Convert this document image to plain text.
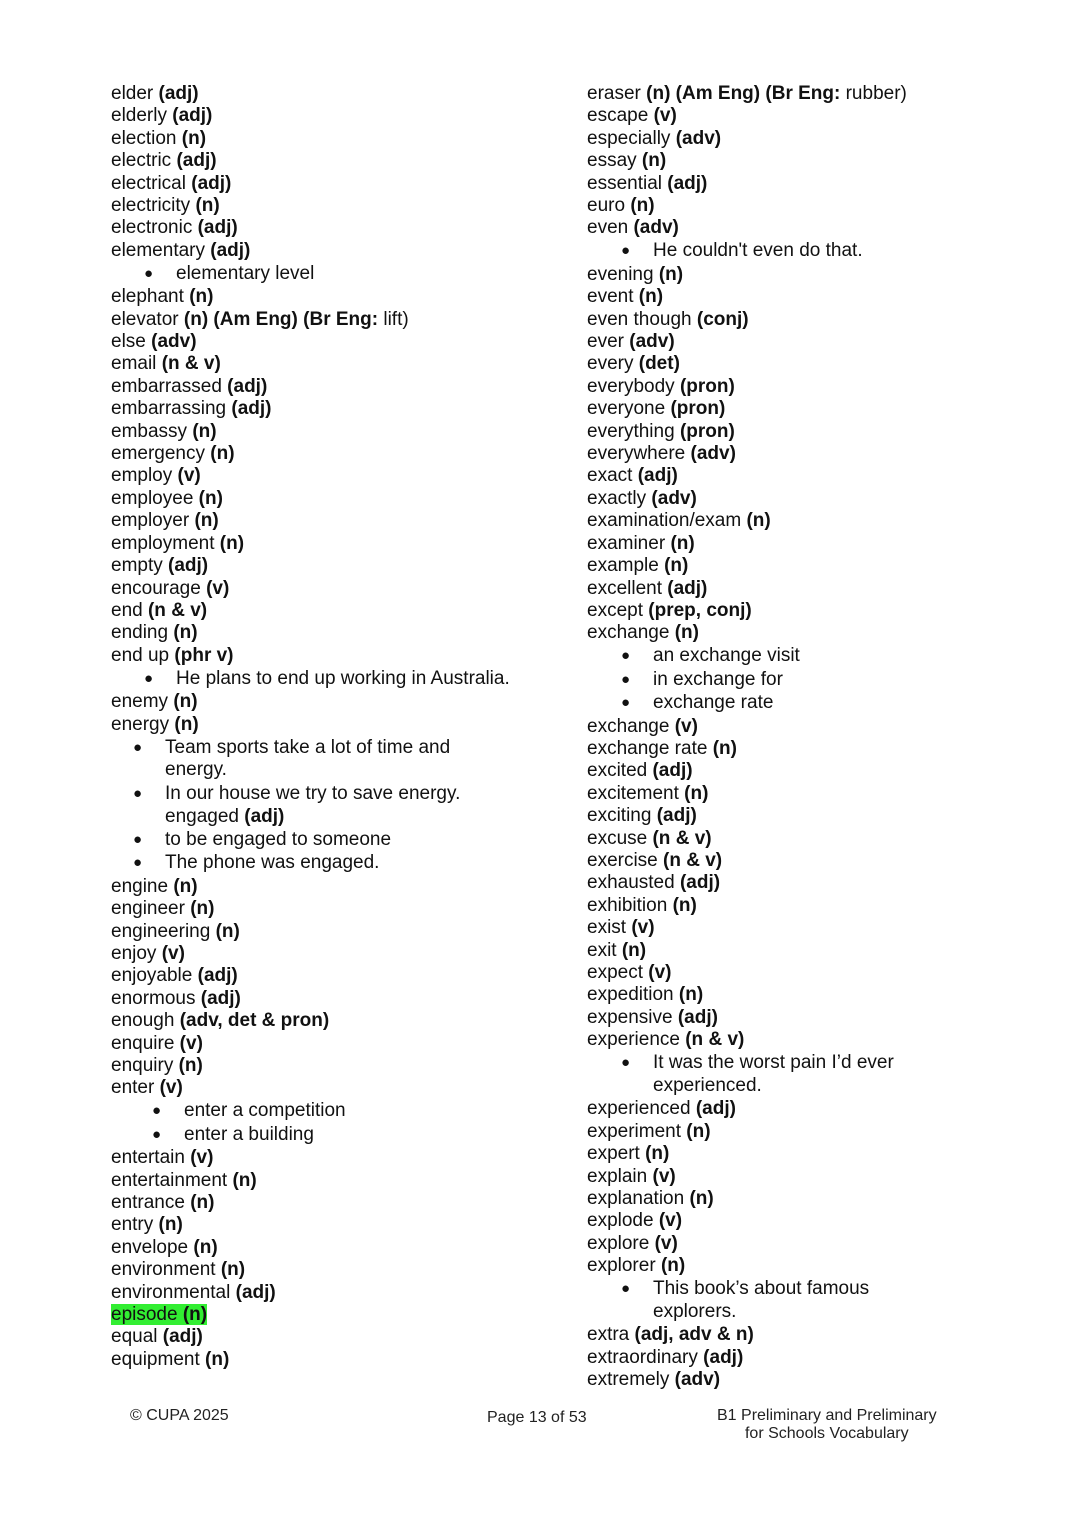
elder (adj)
elderly (adj)
election (n)
electric (adj)
electrical (adj)
electricity (n)
electronic (adj)
elementary (adj)
● elementary level
elephant (n)
elevator (n) (Am Eng) (Br Eng: lift)
else (adv)
email (n & v)
embarrassed (adj)
embarrassing (adj)
embassy (n)
emergency (n)
employ (v)
employee (n)
employer (n)
employment (n)
empty (adj)
encourage (v)
end (n & v)
ending (n)
end up (phr v)
● He plans to end up working in Australia.
enemy (n)
energy (n)
● Team sports take a lot of time and energy.
● In our house we try to save energy.
engaged (adj)
● to be engaged to someone
● The phone was engaged.
engine (n)
engineer (n)
engineering (n)
enjoy (v)
enjoyable (adj)
enormous (adj)
enough (adv, det & pron)
enquire (v)
enquiry (n)
enter (v)
● enter a competition
● enter a building
entertain (v)
entertainment (n)
entrance (n)
entry (n)
envelope (n)
environment (n)
environmental (adj)
episode (n)
equal (adj)
equipment (n)
eraser (n) (Am Eng) (Br Eng: rubber)
escape (v)
especially (adv)
essay (n)
essential (adj)
euro (n)
even (adv)
● He couldn't even do that.
evening (n)
event (n)
even though (conj)
ever (adv)
every (det)
everybody (pron)
everyone (pron)
everything (pron)
everywhere (adv)
exact (adj)
exactly (adv)
examination/exam (n)
examiner (n)
example (n)
excellent (adj)
except (prep, conj)
exchange (n)
● an exchange visit
● in exchange for
● exchange rate
exchange (v)
exchange rate (n)
excited (adj)
excitement (n)
exciting (adj)
excuse (n & v)
exercise (n & v)
exhausted (adj)
exhibition (n)
exist (v)
exit (n)
expect (v)
expedition (n)
expensive (adj)
experience (n & v)
● It was the worst pain I’d ever experienced.
experienced (adj)
experiment (n)
expert (n)
explain (v)
explanation (n)
explode (v)
explore (v)
explorer (n)
● This book’s about famous explorers.
extra (adj, adv & n)
extraordinary (adj)
extremely (adv)
© CUPA 2025	Page 13 of 53	B1 Preliminary and Preliminary
for Schools Vocabulary
